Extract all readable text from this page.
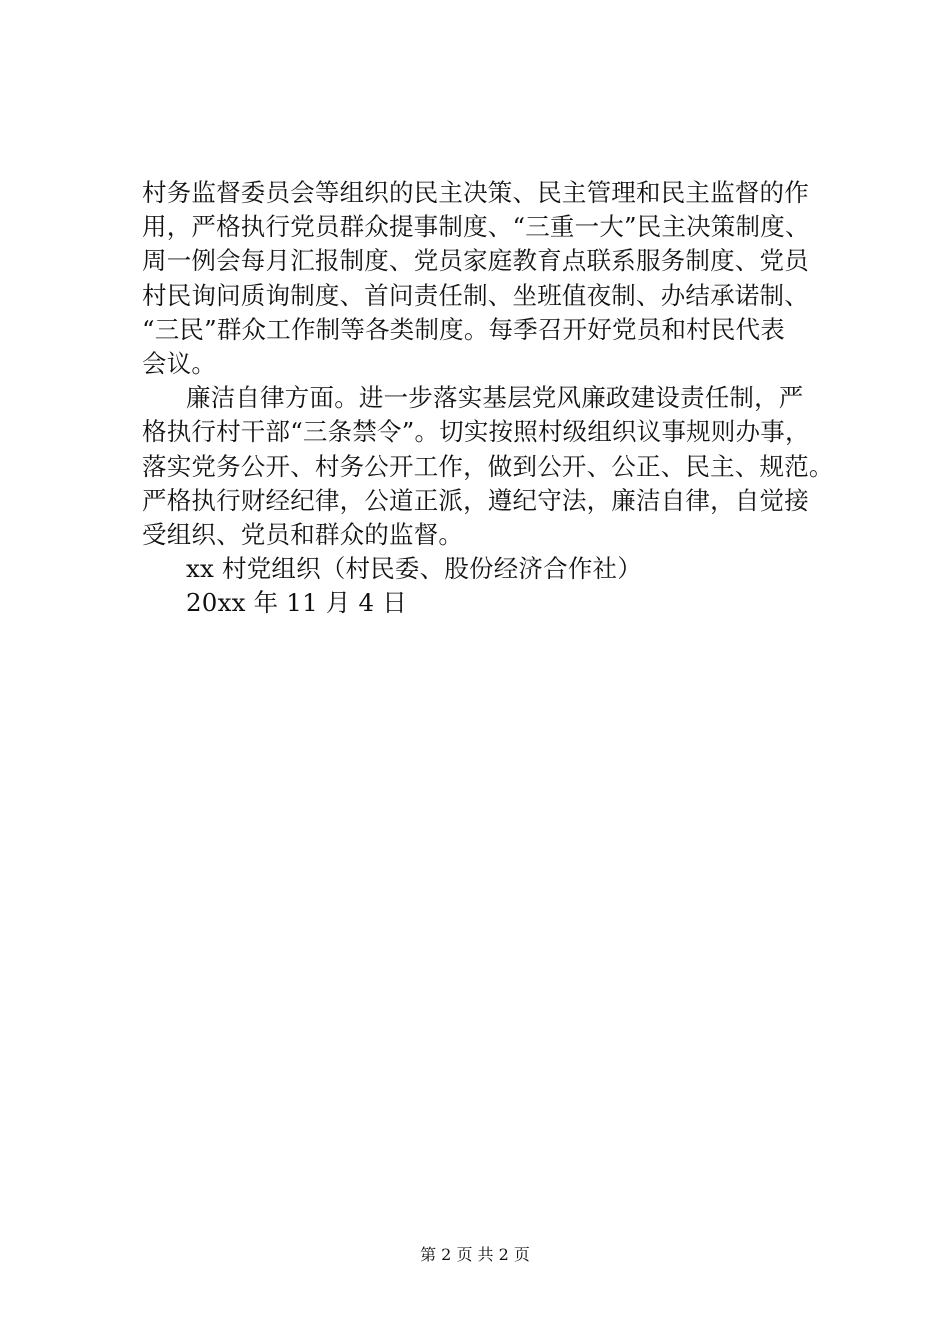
村务监督委员会等组织的民主决策、民主管理和民主监督的作
用，严格执行党员群众提事制度、“三重一大”民主决策制度、
周一例会每月汇报制度、党员家庭教育点联系服务制度、党员
村民询问质询制度、首问责任制、坐班值夜制、办结承诺制、
“三民”群众工作制等各类制度。每季召开好党员和村民代表
会议。
廉洁自律方面。进一步落实基层党风廉政建设责任制，严
格执行村干部“三条禁令”。切实按照村级组织议事规则办事，
落实党务公开、村务公开工作，做到公开、公正、民主、规范。
严格执行财经纪律，公道正派，遵纪守法，廉洁自律，自觉接
受组织、党员和群众的监督。
xx 村党组织（村民委、股份经济合作社）
20xx 年 11 月 4 日
第 2 页 共 2 页
